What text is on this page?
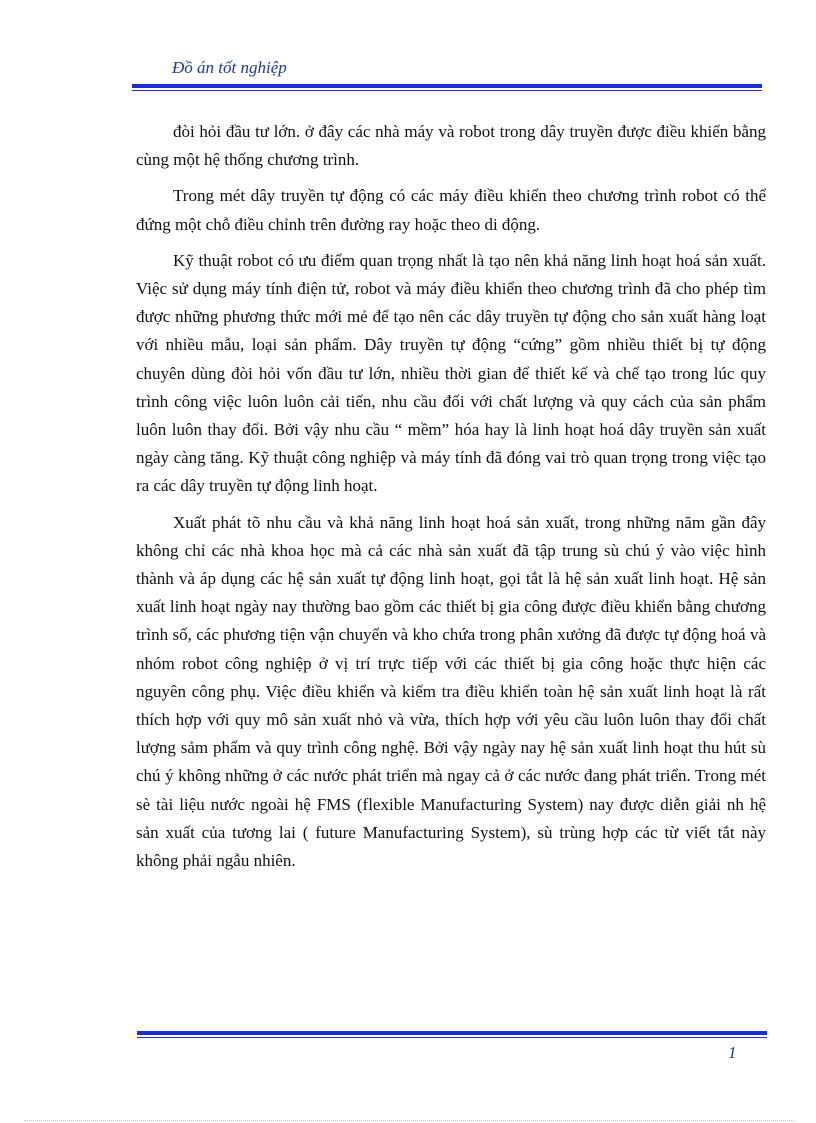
Đồ án tốt nghiệp

đòi hỏi đầu tư lớn. ở đây các nhà máy và robot trong dây truyền được điều khiển bằng cùng một hệ thống chương trình.

Trong mét dây truyền tự động có các máy điều khiển theo chương trình robot có thể đứng một chỗ điều chỉnh trên đường ray hoặc theo di động.

Kỹ thuật robot có ưu điểm quan trọng nhất là tạo nên khả năng linh hoạt hoá sản xuất. Việc sử dụng máy tính điện tử, robot và máy điều khiển theo chương trình đã cho phép tìm được những phương thức mới mẻ để tạo nên các dây truyền tự động cho sản xuất hàng loạt với nhiều mẫu, loại sản phẩm. Dây truyền tự động “cứng” gồm nhiều thiết bị tự động chuyên dùng đòi hỏi vốn đầu tư lớn, nhiều thời gian để thiết kế và chế tạo trong lúc quy trình công việc luôn luôn cải tiến, nhu cầu đối với chất lượng và quy cách của sản phẩm luôn luôn thay đổi. Bởi vậy nhu cầu “ mềm” hóa hay là linh hoạt hoá dây truyền sản xuất ngày càng tăng. Kỹ thuật công nghiệp và máy tính đã đóng vai trò quan trọng trong việc tạo ra các dây truyền tự động linh hoạt.

Xuất phát tõ nhu cầu và khả năng linh hoạt hoá sản xuất, trong những năm gần đây không chỉ các nhà khoa học mà cả các nhà sản xuất đã tập trung sù chú ý vào việc hình thành và áp dụng các hệ sản xuất tự động linh hoạt, gọi tắt là hệ sản xuất linh hoạt. Hệ sản xuất linh hoạt ngày nay thường bao gồm các thiết bị gia công được điều khiển bằng chương trình số, các phương tiện vận chuyển và kho chứa trong phân xưởng đã được tự động hoá và nhóm robot công nghiệp ở vị trí trực tiếp với các thiết bị gia công hoặc thực hiện các nguyên công phụ. Việc điều khiển và kiểm tra điều khiển toàn hệ sản xuất linh hoạt là rất thích hợp với quy mô sản xuất nhỏ và vừa, thích hợp với yêu cầu luôn luôn thay đổi chất lượng sảm phẩm và quy trình công nghệ. Bởi vậy ngày nay hệ sản xuất linh hoạt thu hút sù chú ý không những ở các nước phát triển mà ngay cả ở các nước đang phát triển. Trong mét sè tài liệu nước ngoài hệ FMS (flexible Manufacturing System) nay được diễn giải nh hệ sản xuất của tương lai ( future Manufacturing System), sù trùng hợp các từ viết tắt này không phải ngẫu nhiên.

1
